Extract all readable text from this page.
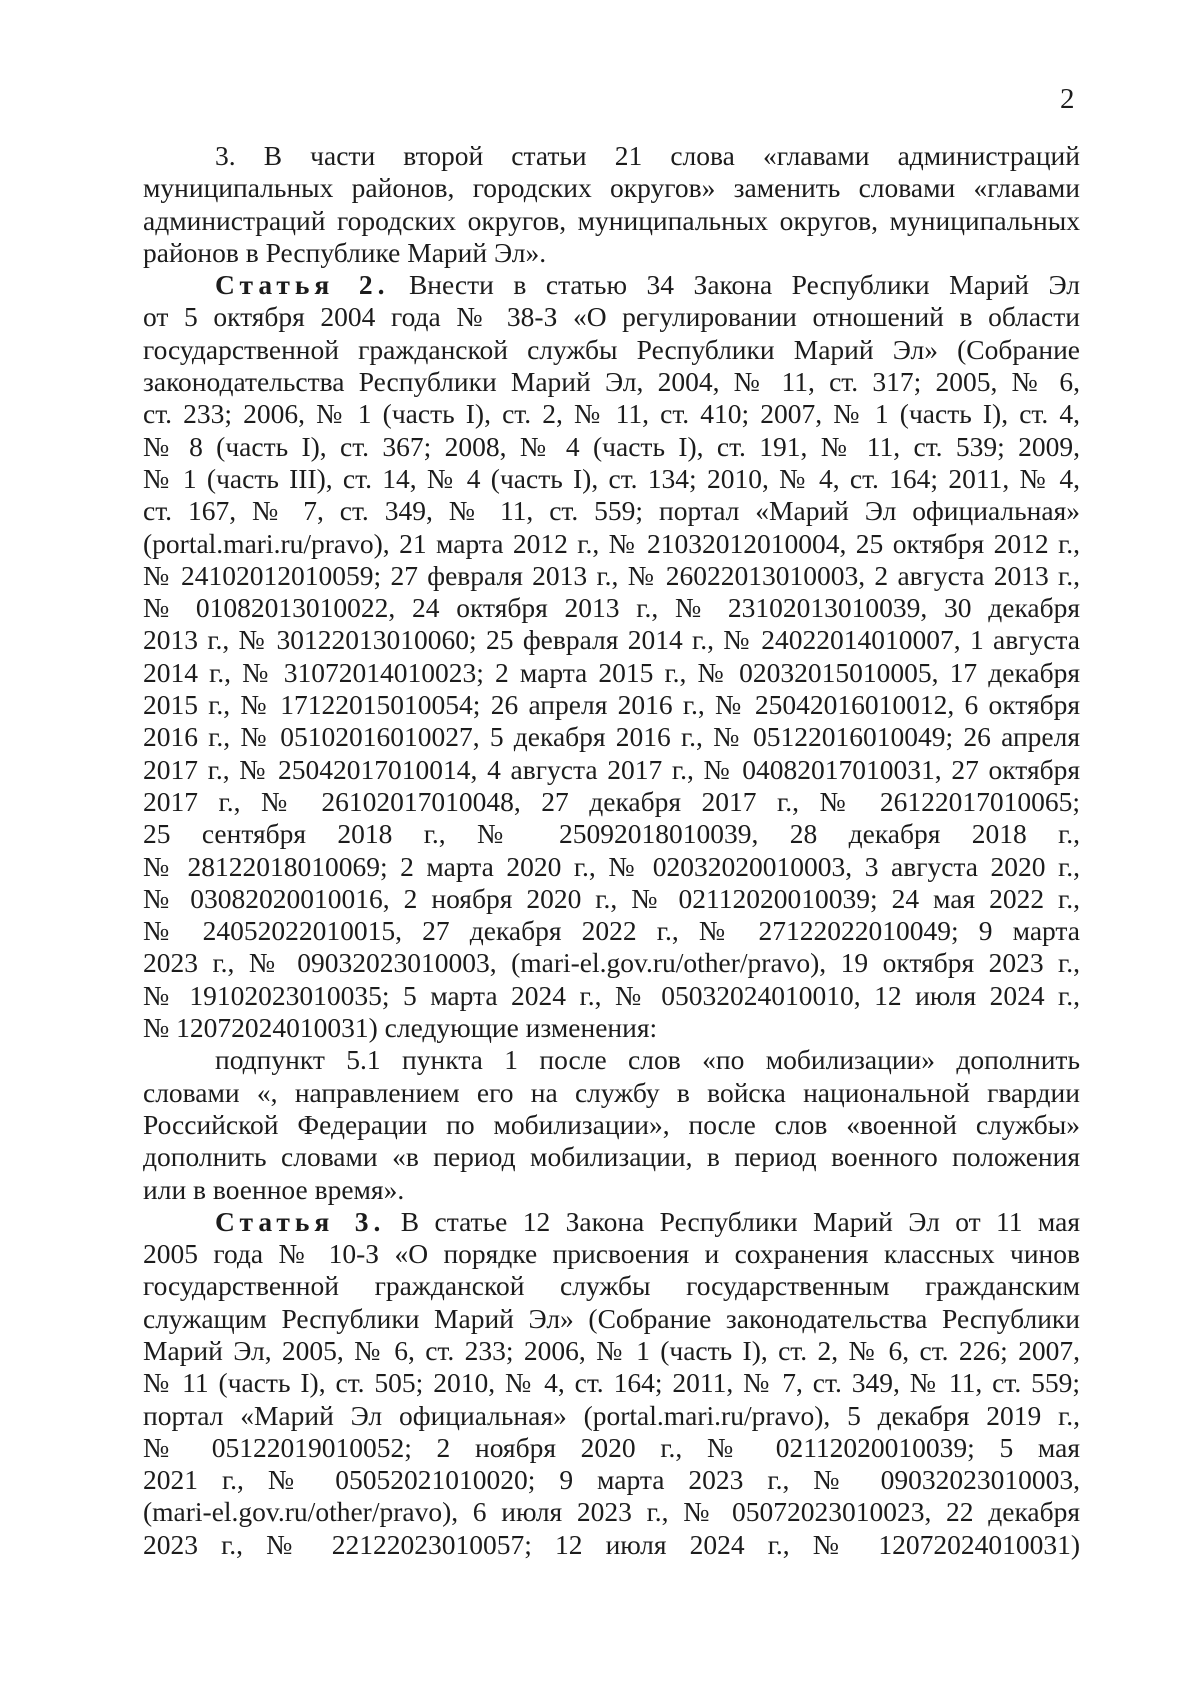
2
3. В части второй статьи 21 слова «главами администраций
муниципальных районов, городских округов» заменить словами «главами
администраций городских округов, муниципальных округов, муниципальных
районов в Республике Марий Эл».
Статья 2. Внести в статью 34 Закона Республики Марий Эл
от 5 октября 2004 года № 38-З «О регулировании отношений в области
государственной гражданской службы Республики Марий Эл» (Собрание
законодательства Республики Марий Эл, 2004, № 11, ст. 317; 2005, № 6,
ст. 233; 2006, № 1 (часть I), ст. 2, № 11, ст. 410; 2007, № 1 (часть I), ст. 4,
№ 8 (часть I), ст. 367; 2008, № 4 (часть I), ст. 191, № 11, ст. 539; 2009,
№ 1 (часть III), ст. 14, № 4 (часть I), ст. 134; 2010, № 4, ст. 164; 2011, № 4,
ст. 167, № 7, ст. 349, № 11, ст. 559; портал «Марий Эл официальная»
(portal.mari.ru/pravo), 21 марта 2012 г., № 21032012010004, 25 октября 2012 г.,
№ 24102012010059; 27 февраля 2013 г., № 26022013010003, 2 августа 2013 г.,
№ 01082013010022, 24 октября 2013 г., № 23102013010039, 30 декабря
2013 г., № 30122013010060; 25 февраля 2014 г., № 24022014010007, 1 августа
2014 г., № 31072014010023; 2 марта 2015 г., № 02032015010005, 17 декабря
2015 г., № 17122015010054; 26 апреля 2016 г., № 25042016010012, 6 октября
2016 г., № 05102016010027, 5 декабря 2016 г., № 05122016010049; 26 апреля
2017 г., № 25042017010014, 4 августа 2017 г., № 04082017010031, 27 октября
2017 г., № 26102017010048, 27 декабря 2017 г., № 26122017010065;
25 сентября 2018 г., № 25092018010039, 28 декабря 2018 г.,
№ 28122018010069; 2 марта 2020 г., № 02032020010003, 3 августа 2020 г.,
№ 03082020010016, 2 ноября 2020 г., № 02112020010039; 24 мая 2022 г.,
№ 24052022010015, 27 декабря 2022 г., № 27122022010049; 9 марта
2023 г., № 09032023010003, (mari-el.gov.ru/other/pravo), 19 октября 2023 г.,
№ 19102023010035; 5 марта 2024 г., № 05032024010010, 12 июля 2024 г.,
№ 12072024010031) следующие изменения:
подпункт 5.1 пункта 1 после слов «по мобилизации» дополнить
словами «, направлением его на службу в войска национальной гвардии
Российской Федерации по мобилизации», после слов «военной службы»
дополнить словами «в период мобилизации, в период военного положения
или в военное время».
Статья 3. В статье 12 Закона Республики Марий Эл от 11 мая
2005 года № 10-З «О порядке присвоения и сохранения классных чинов
государственной гражданской службы государственным гражданским
служащим Республики Марий Эл» (Собрание законодательства Республики
Марий Эл, 2005, № 6, ст. 233; 2006, № 1 (часть I), ст. 2, № 6, ст. 226; 2007,
№ 11 (часть I), ст. 505; 2010, № 4, ст. 164; 2011, № 7, ст. 349, № 11, ст. 559;
портал «Марий Эл официальная» (portal.mari.ru/pravo), 5 декабря 2019 г.,
№ 05122019010052; 2 ноября 2020 г., № 02112020010039; 5 мая
2021 г., № 05052021010020; 9 марта 2023 г., № 09032023010003,
(mari-el.gov.ru/other/pravo), 6 июля 2023 г., № 05072023010023, 22 декабря
2023 г., № 22122023010057; 12 июля 2024 г., № 12072024010031)
